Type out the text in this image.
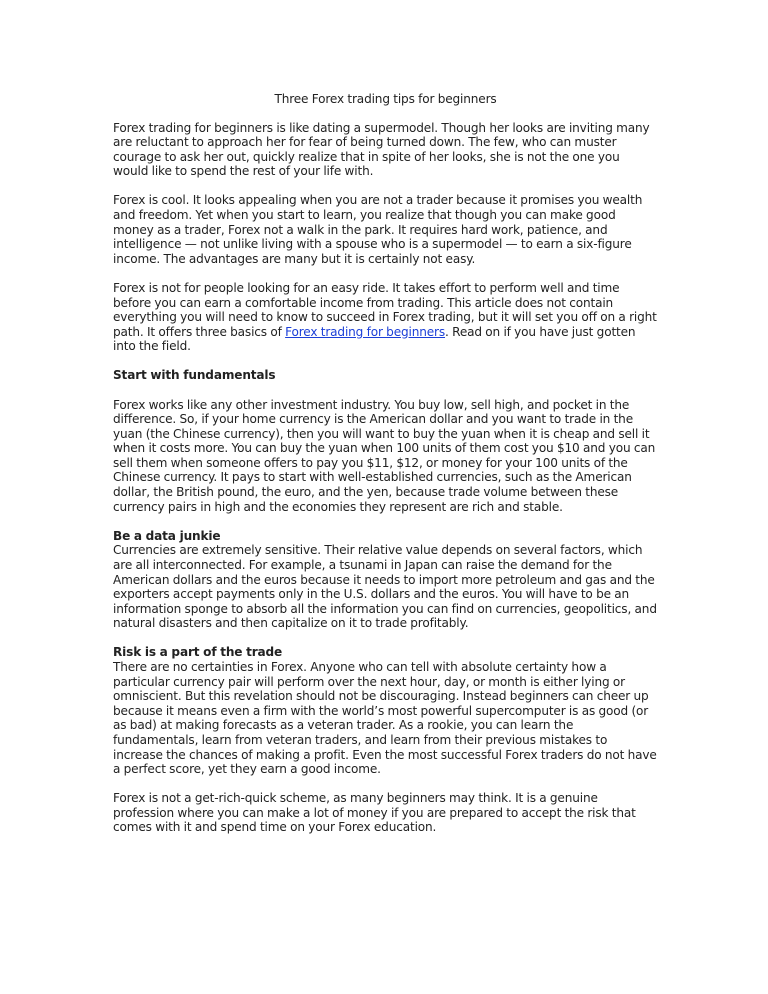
Three Forex trading tips for beginners

Forex trading for beginners is like dating a supermodel. Though her looks are inviting many are reluctant to approach her for fear of being turned down. The few, who can muster courage to ask her out, quickly realize that in spite of her looks, she is not the one you would like to spend the rest of your life with.

Forex is cool. It looks appealing when you are not a trader because it promises you wealth and freedom. Yet when you start to learn, you realize that though you can make good money as a trader, Forex not a walk in the park. It requires hard work, patience, and intelligence — not unlike living with a spouse who is a supermodel — to earn a six-figure income. The advantages are many but it is certainly not easy.

Forex is not for people looking for an easy ride. It takes effort to perform well and time before you can earn a comfortable income from trading. This article does not contain everything you will need to know to succeed in Forex trading, but it will set you off on a right path. It offers three basics of Forex trading for beginners. Read on if you have just gotten into the field.

Start with fundamentals

Forex works like any other investment industry. You buy low, sell high, and pocket in the difference. So, if your home currency is the American dollar and you want to trade in the yuan (the Chinese currency), then you will want to buy the yuan when it is cheap and sell it when it costs more. You can buy the yuan when 100 units of them cost you $10 and you can sell them when someone offers to pay you $11, $12, or money for your 100 units of the Chinese currency. It pays to start with well-established currencies, such as the American dollar, the British pound, the euro, and the yen, because trade volume between these currency pairs in high and the economies they represent are rich and stable.

Be a data junkie

Currencies are extremely sensitive. Their relative value depends on several factors, which are all interconnected. For example, a tsunami in Japan can raise the demand for the American dollars and the euros because it needs to import more petroleum and gas and the exporters accept payments only in the U.S. dollars and the euros. You will have to be an information sponge to absorb all the information you can find on currencies, geopolitics, and natural disasters and then capitalize on it to trade profitably.

Risk is a part of the trade

There are no certainties in Forex. Anyone who can tell with absolute certainty how a particular currency pair will perform over the next hour, day, or month is either lying or omniscient. But this revelation should not be discouraging. Instead beginners can cheer up because it means even a firm with the world’s most powerful supercomputer is as good (or as bad) at making forecasts as a veteran trader. As a rookie, you can learn the fundamentals, learn from veteran traders, and learn from their previous mistakes to increase the chances of making a profit. Even the most successful Forex traders do not have a perfect score, yet they earn a good income.

Forex is not a get-rich-quick scheme, as many beginners may think. It is a genuine profession where you can make a lot of money if you are prepared to accept the risk that comes with it and spend time on your Forex education.
